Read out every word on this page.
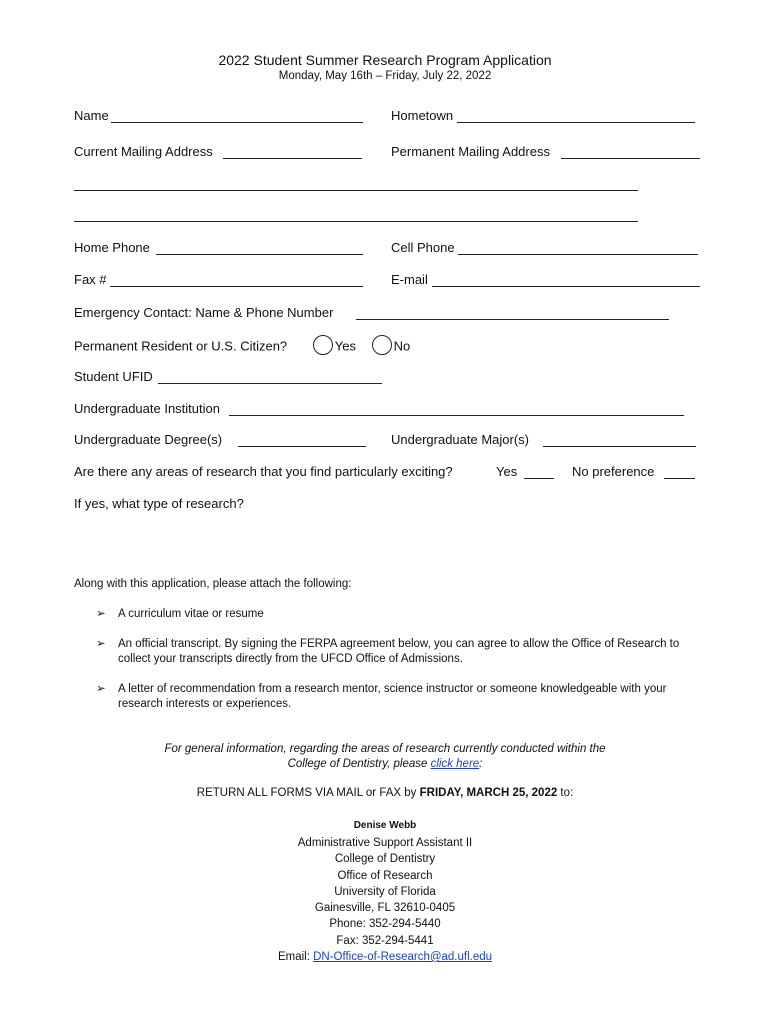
2022 Student Summer Research Program Application
Monday, May 16th – Friday, July 22, 2022
Name	Hometown
Current Mailing Address	Permanent Mailing Address
Home Phone	Cell Phone
Fax #	E-mail
Emergency Contact: Name & Phone Number
Permanent Resident or U.S. Citizen?	Yes	No
Student UFID
Undergraduate Institution
Undergraduate Degree(s)	Undergraduate Major(s)
Are there any areas of research that you find particularly exciting?	Yes	No preference
If yes, what type of research?
Along with this application, please attach the following:
➢ A curriculum vitae or resume
➢ An official transcript. By signing the FERPA agreement below, you can agree to allow the Office of Research to collect your transcripts directly from the UFCD Office of Admissions.
➢ A letter of recommendation from a research mentor, science instructor or someone knowledgeable with your research interests or experiences.
For general information, regarding the areas of research currently conducted within the
College of Dentistry, please click here:
RETURN ALL FORMS VIA MAIL or FAX by FRIDAY, MARCH 25, 2022 to:
Denise Webb
Administrative Support Assistant II
College of Dentistry
Office of Research
University of Florida
Gainesville, FL 32610-0405
Phone: 352-294-5440
Fax: 352-294-5441
Email: DN-Office-of-Research@ad.ufl.edu
